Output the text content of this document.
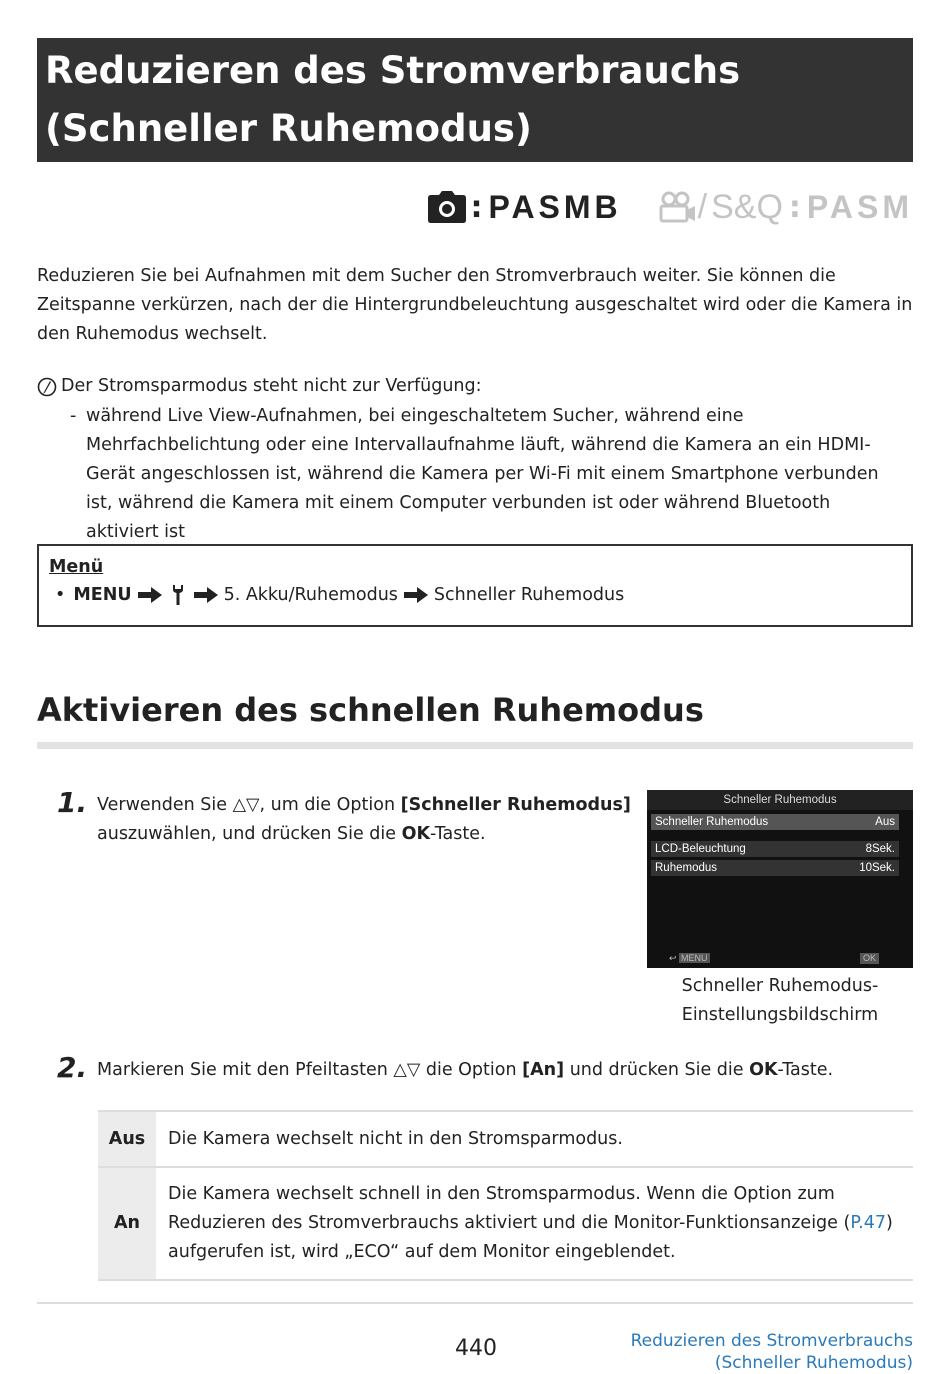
Reduzieren des Stromverbrauchs (Schneller Ruhemodus)
: PASMB / S&Q : PASM

Reduzieren Sie bei Aufnahmen mit dem Sucher den Stromverbrauch weiter. Sie können die Zeitspanne verkürzen, nach der die Hintergrundbeleuchtung ausgeschaltet wird oder die Kamera in den Ruhemodus wechselt.

Der Stromsparmodus steht nicht zur Verfügung:
- während Live View-Aufnahmen, bei eingeschaltetem Sucher, während eine Mehrfachbelichtung oder eine Intervallaufnahme läuft, während die Kamera an ein HDMI-Gerät angeschlossen ist, während die Kamera per Wi-Fi mit einem Smartphone verbunden ist, während die Kamera mit einem Computer verbunden ist oder während Bluetooth aktiviert ist
Menü
• MENU	5. Akku/Ruhemodus Schneller Ruhemodus
Aktivieren des schnellen Ruhemodus
1. Verwenden Sie △▽, um die Option [Schneller Ruhemodus]
auszuwählen, und drücken Sie die OK-Taste.
Schneller Ruhemodus
Schneller Ruhemodus	Aus
LCD-Beleuchtung	8Sek.
Ruhemodus	10Sek.
↩ MENU	OK
Schneller Ruhemodus-Einstellungsbildschirm
2. Markieren Sie mit den Pfeiltasten △▽ die Option [An] und drücken Sie die OK-Taste.
Aus	Die Kamera wechselt nicht in den Stromsparmodus.
An	Die Kamera wechselt schnell in den Stromsparmodus. Wenn die Option zum Reduzieren des Stromverbrauchs aktiviert und die Monitor-Funktionsanzeige (P.47) aufgerufen ist, wird „ECO“ auf dem Monitor eingeblendet.
440	Reduzieren des Stromverbrauchs (Schneller Ruhemodus)
